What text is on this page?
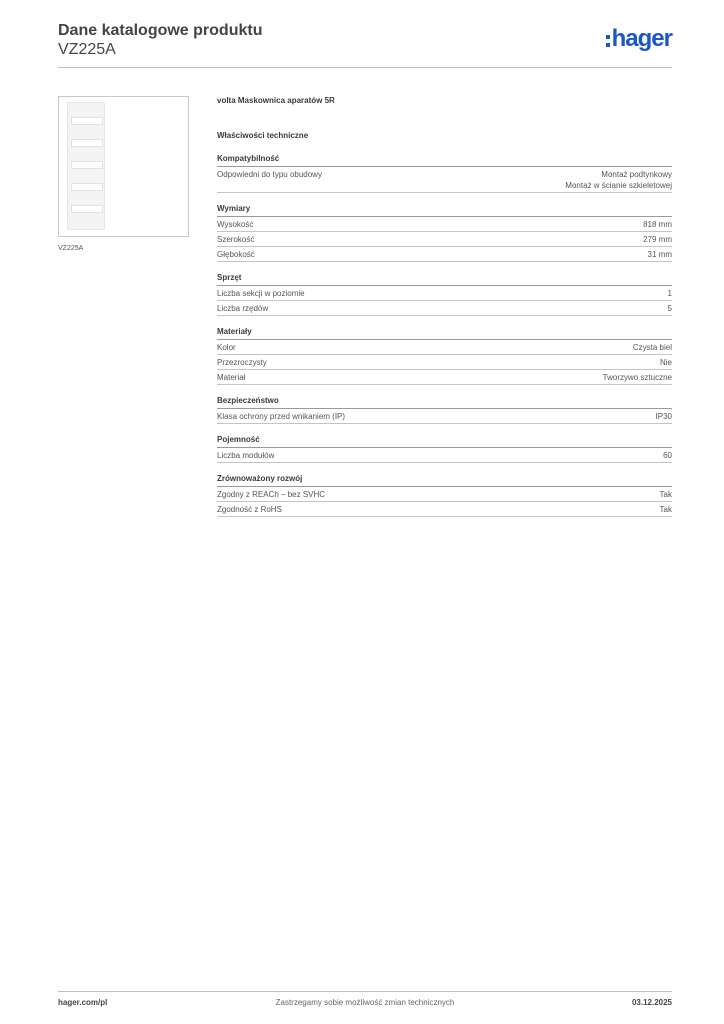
Dane katalogowe produktu
VZ225A	hager
VZ225A
volta Maskownica aparatów 5R
Właściwości techniczne
Kompatybilność
Odpowiedni do typu obudowy	Montaż podtynkowy
Montaż w ścianie szkieletowej
Wymiary
Wysokość	818 mm
Szerokość	279 mm
Głębokość	31 mm
Sprzęt
Liczba sekcji w poziomie	1
Liczba rzędów	5
Materiały
Kolor	Czysta biel
Przezroczysty	Nie
Materiał	Tworzywo sztuczne
Bezpieczeństwo
Klasa ochrony przed wnikaniem (IP)	IP30
Pojemność
Liczba modułów	60
Zrównoważony rozwój
Zgodny z REACh – bez SVHC	Tak
Zgodność z RoHS	Tak
hager.com/pl	Zastrzegamy sobie możliwość zmian technicznych	03.12.2025
